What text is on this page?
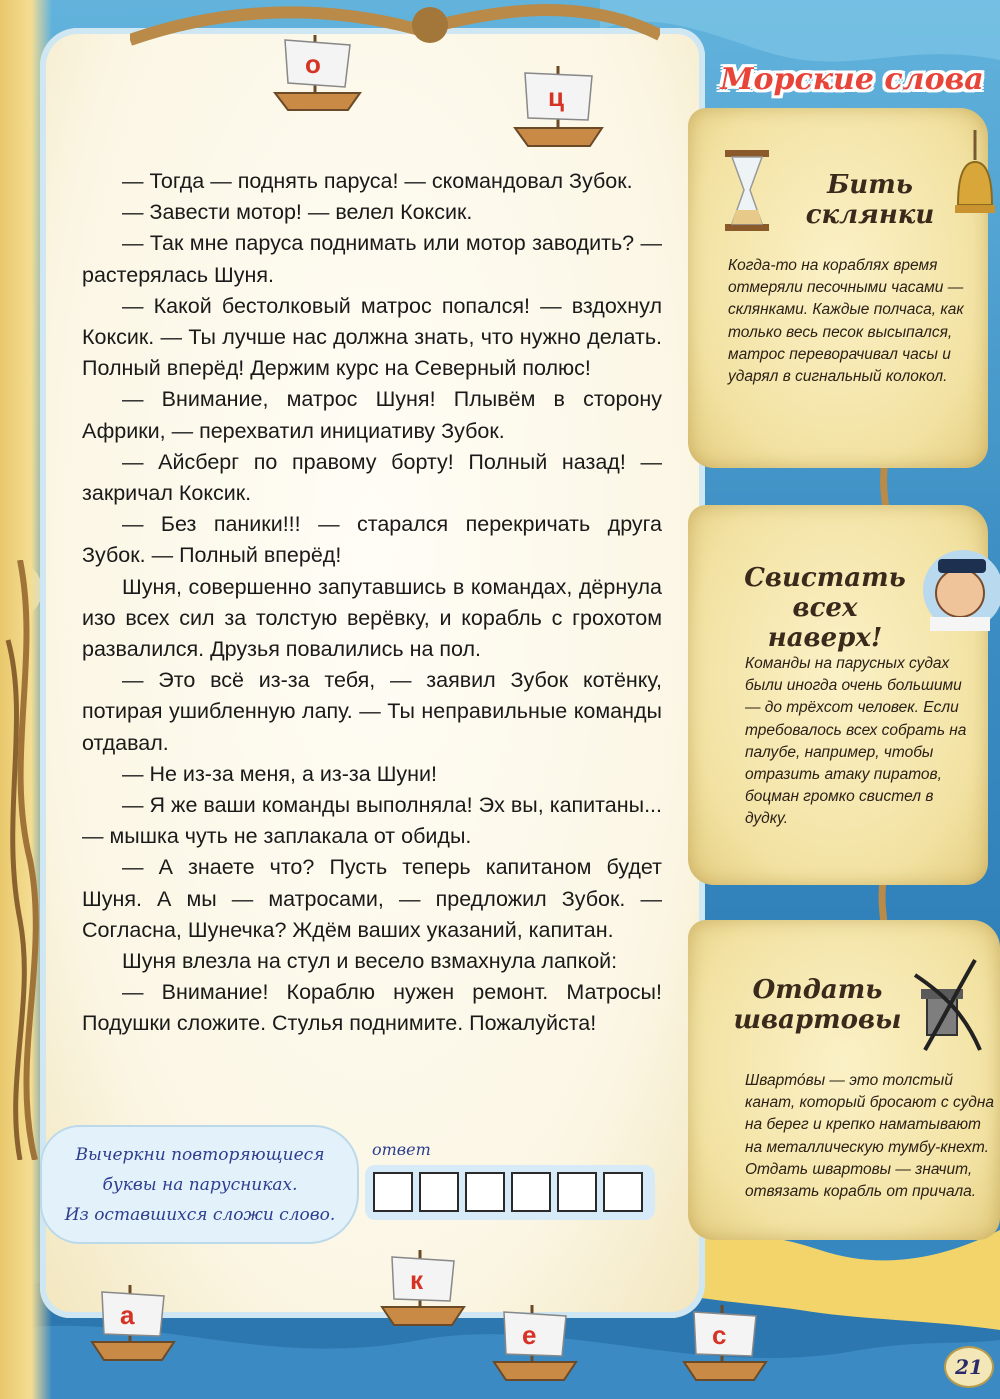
о
ц

— Тогда — поднять паруса! — скомандовал Зубок.

— Завести мотор! — велел Коксик.

— Так мне паруса поднимать или мотор заводить? — растерялась Шуня.

— Какой бестолковый матрос попался! — вздохнул Коксик. — Ты лучше нас должна знать, что нужно делать. Полный вперёд! Держим курс на Северный полюс!

— Внимание, матрос Шуня! Плывём в сторону Африки, — перехватил инициативу Зубок.

— Айсберг по правому борту! Полный назад! — закричал Коксик.

— Без паники!!! — старался перекричать друга Зубок. — Полный вперёд!

Шуня, совершенно запутавшись в командах, дёрнула изо всех сил за толстую верёвку, и корабль с грохотом развалился. Друзья повалились на пол.

— Это всё из-за тебя, — заявил Зубок котёнку, потирая ушибленную лапу. — Ты неправильные команды отдавал.

— Не из-за меня, а из-за Шуни!

— Я же ваши команды выполняла! Эх вы, капитаны... — мышка чуть не заплакала от обиды.

— А знаете что? Пусть теперь капитаном будет Шуня. А мы — матросами, — предложил Зубок. — Согласна, Шунечка? Ждём ваших указаний, капитан.

Шуня влезла на стул и весело взмахнула лапкой:

— Внимание! Кораблю нужен ремонт. Матросы! Подушки сложите. Стулья поднимите. Пожалуйста!

Морские слова
Бить
склянки
Когда-то на кораблях время отмеряли песочными часами — склянками. Каждые полчаса, как только весь песок высыпался, матрос переворачивал часы и ударял в сигнальный колокол.
Свистать
всех наверх!
Команды на парусных судах были иногда очень большими — до трёхсот человек. Если требовалось всех собрать на палубе, например, чтобы отразить атаку пиратов, боцман громко свистел в дудку.
Отдать
швартовы
Шварто́вы — это толстый канат, который бросают с судна на берег и крепко наматывают на металлическую тумбу-кнехт. Отдать швартовы — значит, отвязать корабль от причала.
Вычеркни повторяющиеся
буквы на парусниках.
Из оставшихся сложи слово.
ответ
а
к
е	с
21
